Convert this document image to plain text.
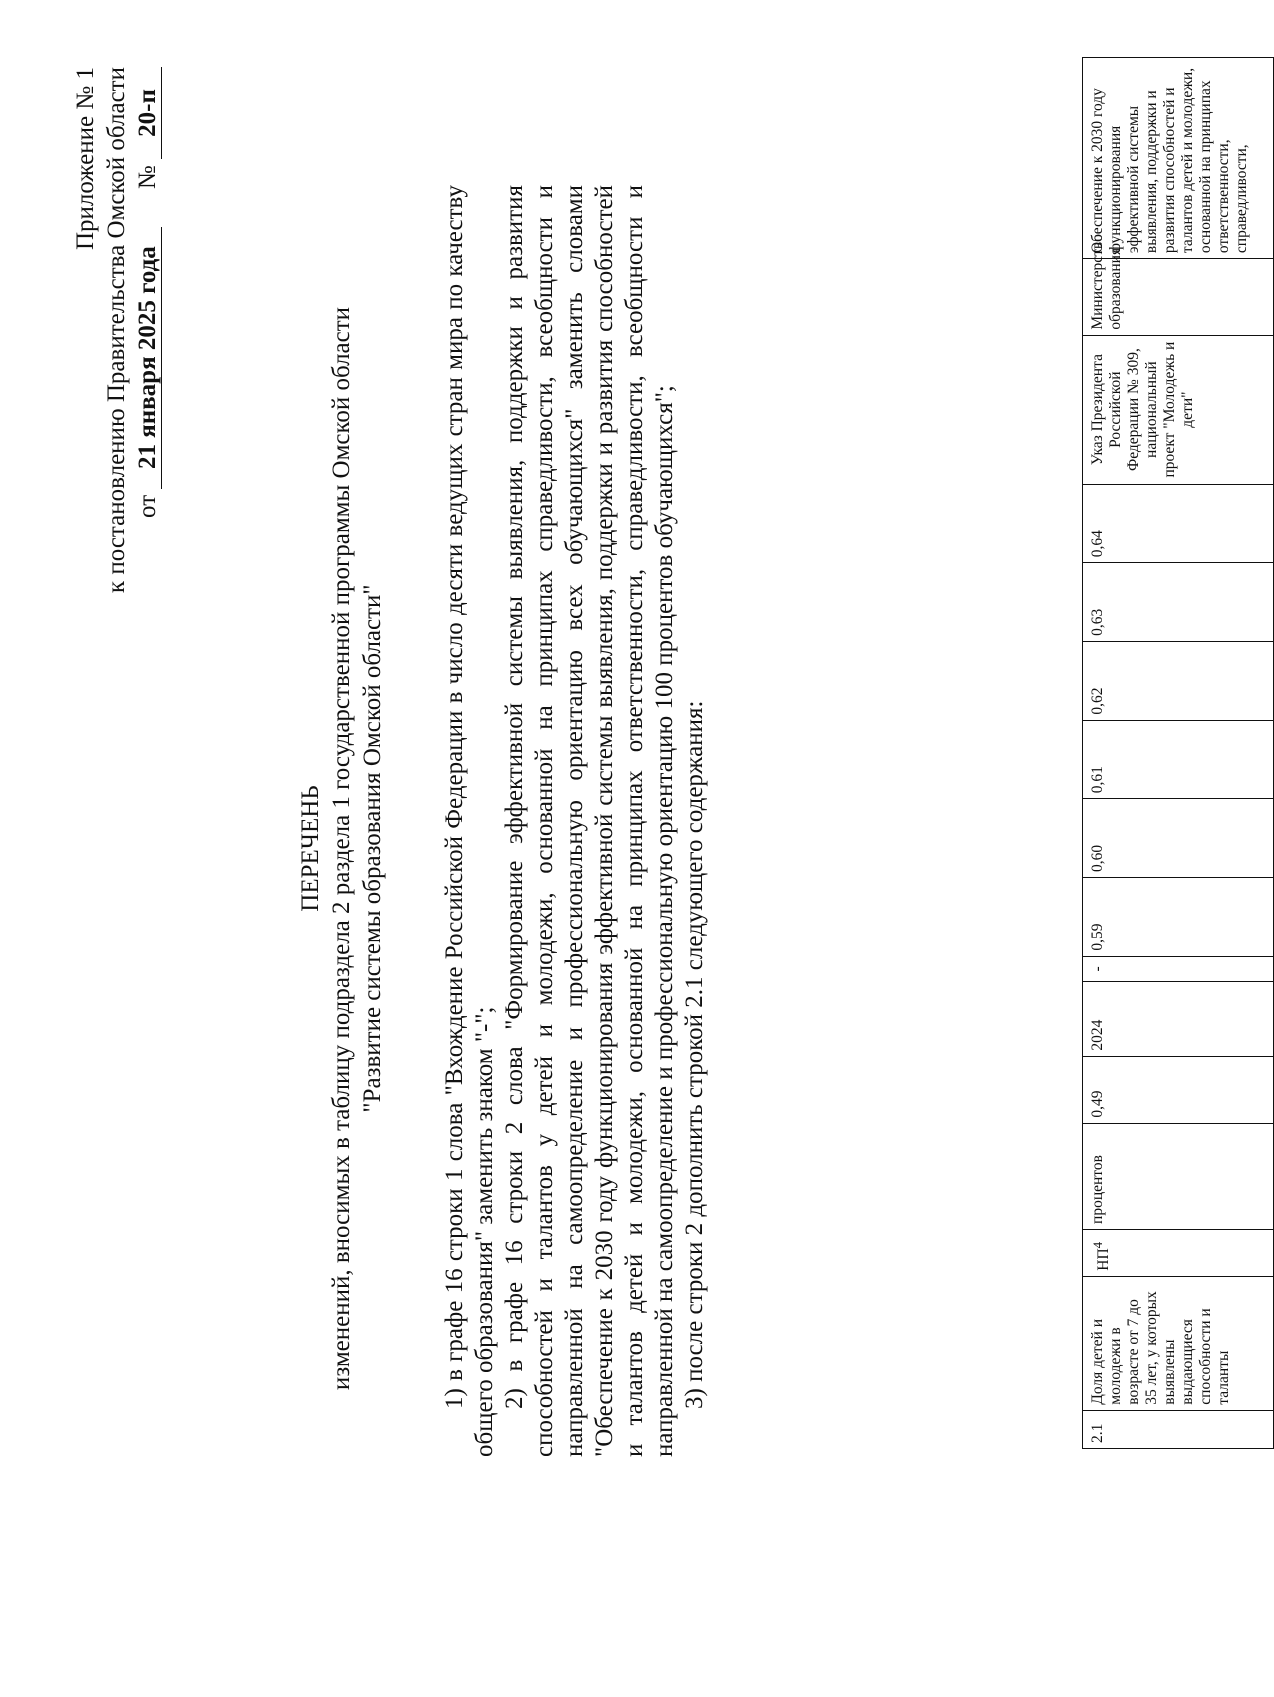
Приложение № 1 к постановлению Правительства Омской области от 21 января 2025 года      № 20-п
ПЕРЕЧЕНЬ изменений, вносимых в таблицу подраздела 2 раздела 1 государственной программы Омской области "Развитие системы образования Омской области" 1) в графе 16 строки 1 слова "Вхождение Российской Федерации в число десяти ведущих стран мира по качеству общего образования" заменить знаком "-"; 2) в графе 16 строки 2 слова "Формирование эффективной системы выявления, поддержки и развития способностей и талантов у детей и молодежи, основанной на принципах справедливости, всеобщности и направленной на самоопределение и профессиональную ориентацию всех обучающихся" заменить словами "Обеспечение к 2030 году функционирования эффективной системы выявления, поддержки и развития способностей и талантов детей и молодежи, основанной на принципах ответственности, справедливости, всеобщности и направленной на самоопределение и профессиональную ориентацию 100 процентов обучающихся"; 3) после строки 2 дополнить строкой 2.1 следующего содержания:

2.1	Доля детей и молодежи в возрасте от 7 до 35 лет, у которых выявлены выдающиеся способности и таланты	$НП^4$	процентов	0,49	2024	-	0,59	0,60	0,61	0,62	0,63	0,64	Указ Президента Российской Федерации № 309, национальный проект "Молодежь и дети"	Министерство образования	Обеспечение к 2030 году функционирования эффективной системы выявления, поддержки и развития способностей и талантов детей и молодежи, основанной на принципах ответственности, справедливости,
